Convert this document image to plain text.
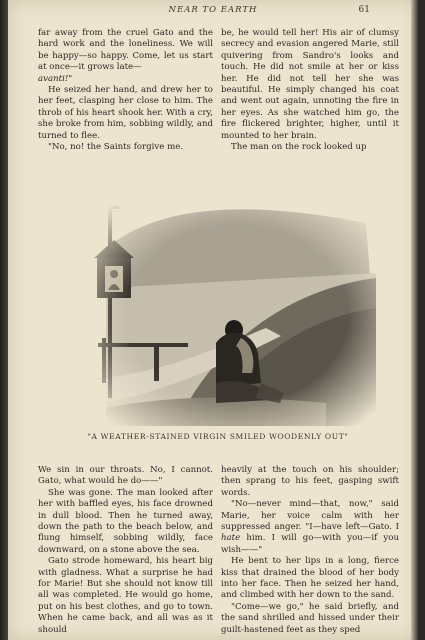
NEAR TO EARTH	61

far away from the cruel Gato and the hard work and the loneliness. We will be happy—so happy. Come, let us start at once—it grows late—
avanti!"

He seized her hand, and drew her to her feet, clasping her close to him. The throb of his heart shook her. With a cry, she broke from him, sobbing wildly, and turned to flee.

"No, no! the Saints forgive me.

be, he would tell her! His air of clumsy secrecy and evasion angered Marie, still quivering from Sandro's looks and touch. He did not smile at her or kiss her. He did not tell her she was beautiful. He simply changed his coat and went out again, unnoting the fire in her eyes. As she watched him go, the fire flickered brighter, higher, until it mounted to her brain.

The man on the rock looked up

"A WEATHER-STAINED VIRGIN SMILED WOODENLY OUT"

We sin in our throats. No, I cannot. Gato, what would he do——"

She was gone. The man looked after her with baffled eyes, his face drowned in dull blood. Then he turned away, down the path to the beach below, and flung himself, sobbing wildly, face downward, on a stone above the sea.

Gato strode homeward, his heart big with gladness. What a surprise he had for Marie! But she should not know till all was completed. He would go home, put on his best clothes, and go to town. When he came back, and all was as it should

heavily at the touch on his shoulder; then sprang to his feet, gasping swift words.

"No—never mind—that, now," said Marie, her voice calm with her suppressed anger. "I—have left—Gato. I hate him. I will go—with you—if you wish——"

He bent to her lips in a long, fierce kiss that drained the blood of her body into her face. Then he seized her hand, and climbed with her down to the sand.

"Come—we go," he said briefly, and the sand shrilled and hissed under their guilt-hastened feet as they sped
